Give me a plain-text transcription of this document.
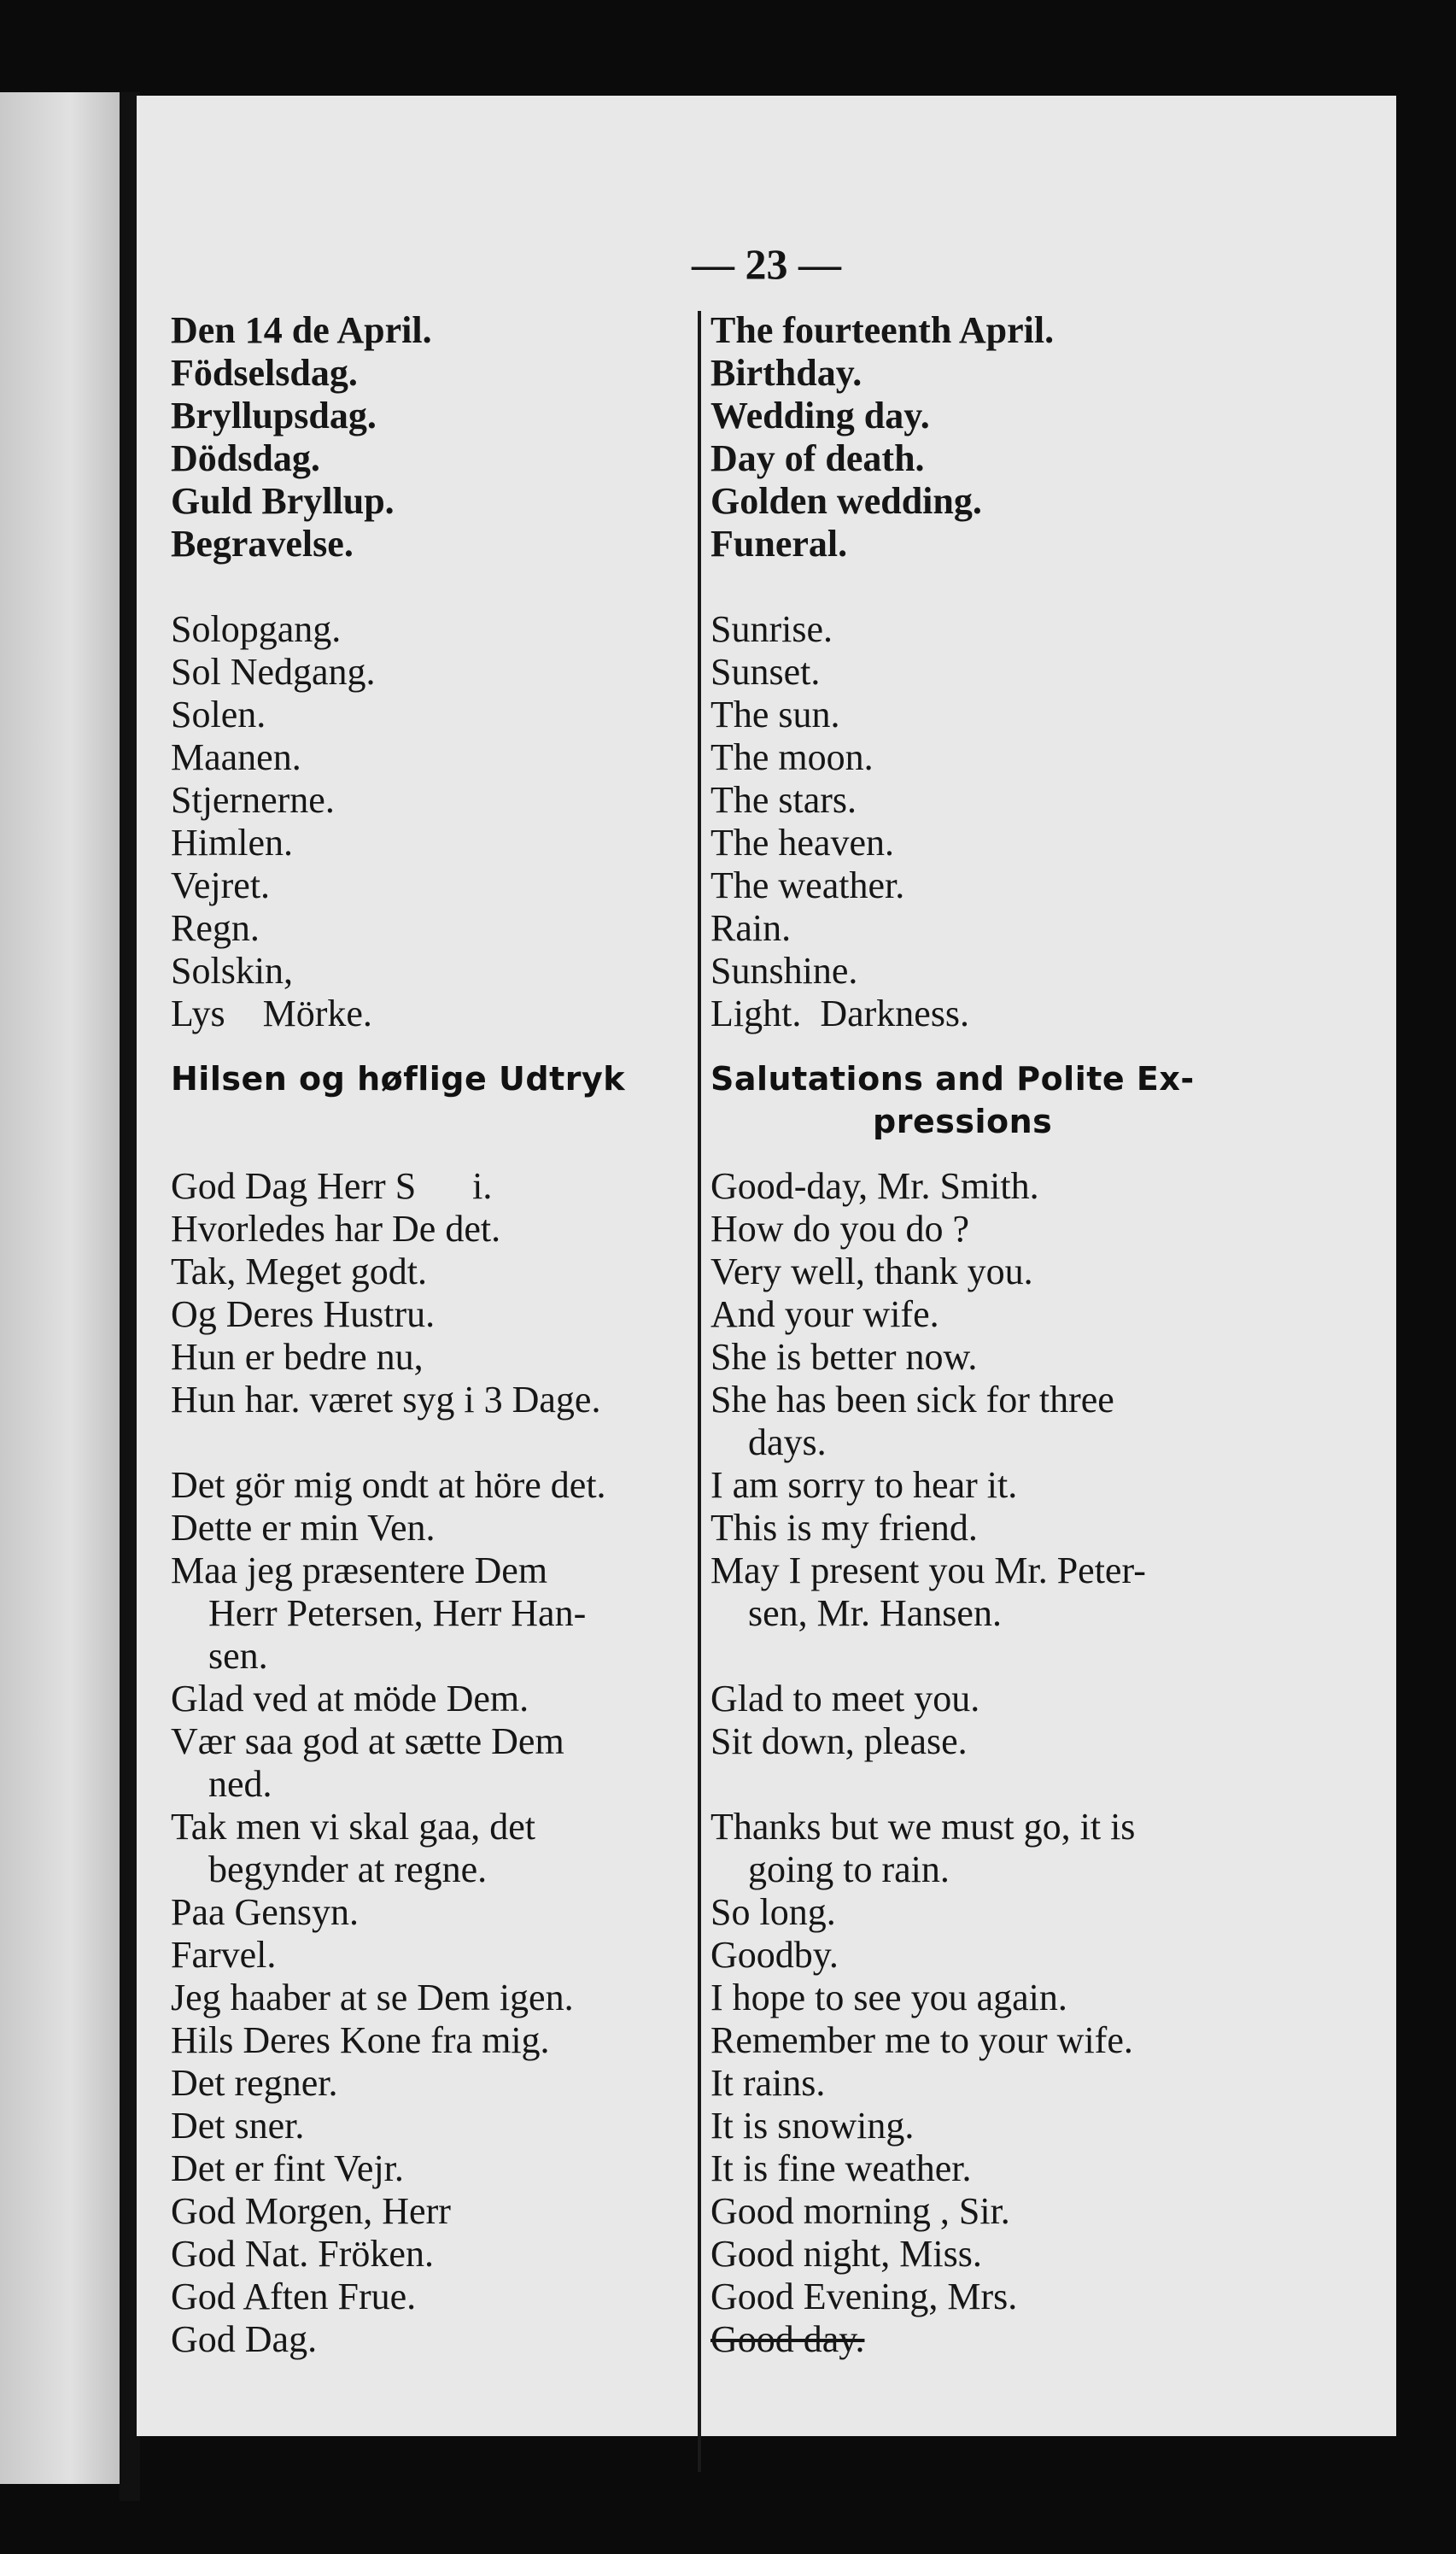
— 23 —
Den 14 de April.
Födselsdag.
Bryllupsdag.
Dödsdag.
Guld Bryllup.
Begravelse.
Solopgang.
Sol Nedgang.
Solen.
Maanen.
Stjernerne.
Himlen.
Vejret.
Regn.
Solskin,
Lys    Mörke.
Hilsen og høflige Udtryk
God Dag Herr S      i.
Hvorledes har De det.
Tak, Meget godt.
Og Deres Hustru.
Hun er bedre nu,
Hun har. været syg i 3 Dage.
Det gör mig ondt at höre det.
Dette er min Ven.
Maa jeg præsentere Dem
Herr Petersen, Herr Han-
sen.
Glad ved at möde Dem.
Vær saa god at sætte Dem
ned.
Tak men vi skal gaa, det
begynder at regne.
Paa Gensyn.
Farvel.
Jeg haaber at se Dem igen.
Hils Deres Kone fra mig.
Det regner.
Det sner.
Det er fint Vejr.
God Morgen, Herr
God Nat. Fröken.
God Aften Frue.
God Dag.
The fourteenth April.
Birthday.
Wedding day.
Day of death.
Golden wedding.
Funeral.
Sunrise.
Sunset.
The sun.
The moon.
The stars.
The heaven.
The weather.
Rain.
Sunshine.
Light.  Darkness.
Salutations and Polite Ex-
pressions
Good-day, Mr. Smith.
How do you do ?
Very well, thank you.
And your wife.
She is better now.
She has been sick for three
days.
I am sorry to hear it.
This is my friend.
May I present you Mr. Peter-
sen, Mr. Hansen.
Glad to meet you.
Sit down, please.
Thanks but we must go, it is
going to rain.
So long.
Goodby.
I hope to see you again.
Remember me to your wife.
It rains.
It is snowing.
It is fine weather.
Good morning , Sir.
Good night, Miss.
Good Evening, Mrs.
Good day.
